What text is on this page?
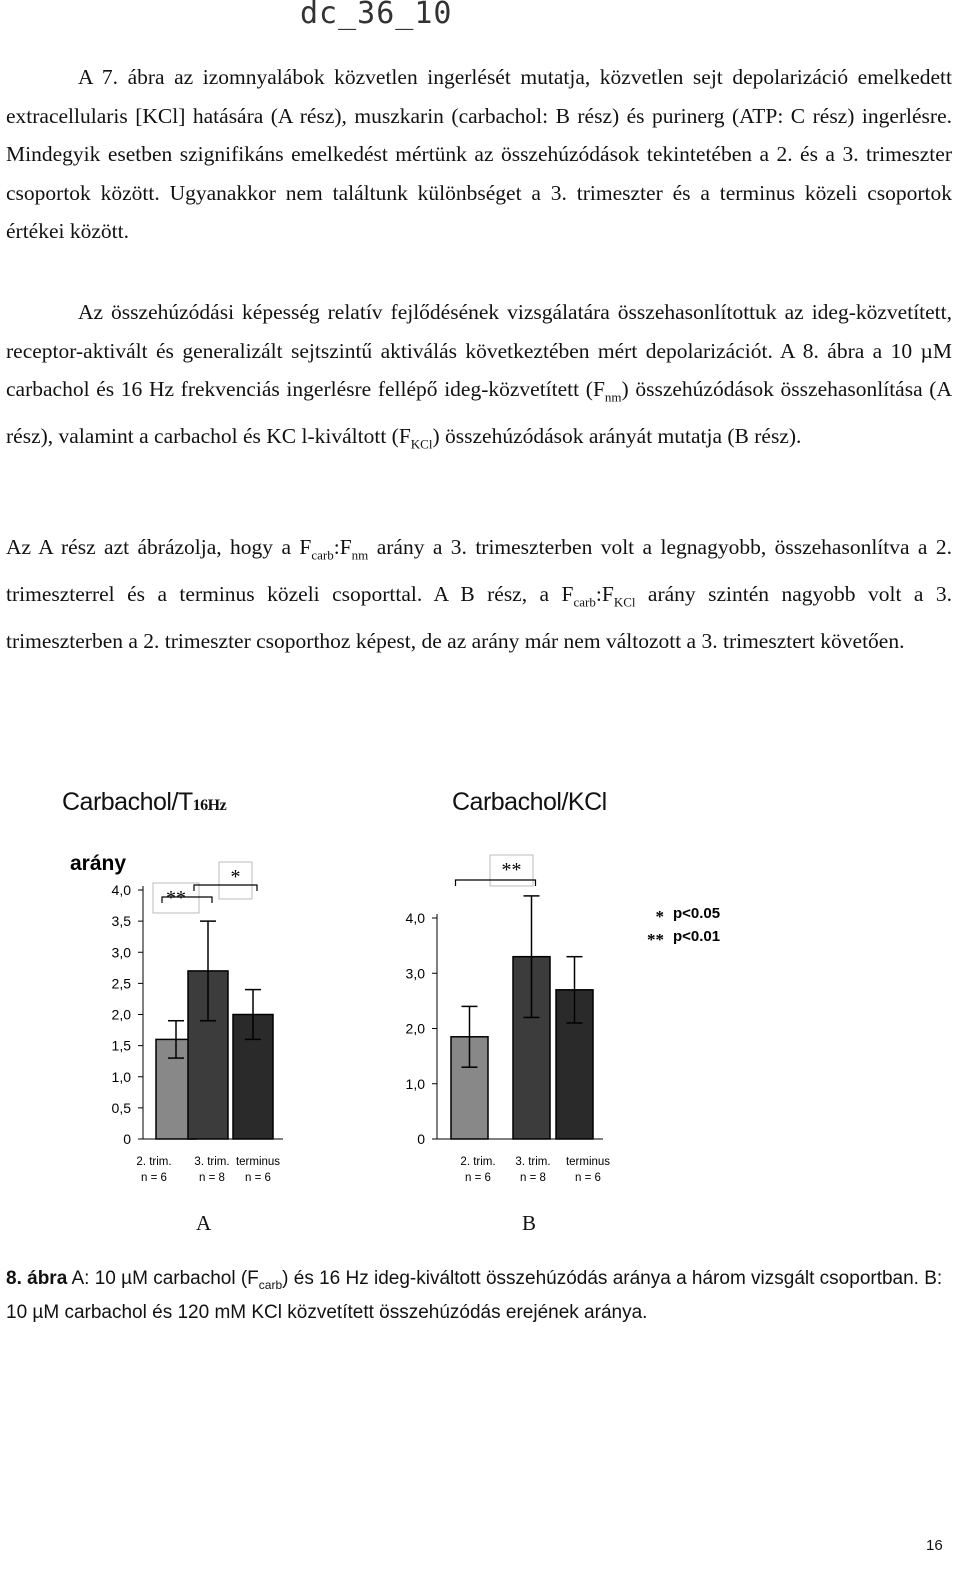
dc_36_10

A 7. ábra az izomnyalábok közvetlen ingerlését mutatja, közvetlen sejt depolarizáció emelkedett extracellularis [KCl] hatására (A rész), muszkarin (carbachol: B rész) és purinerg (ATP: C rész) ingerlésre. Mindegyik esetben szignifikáns emelkedést mértünk az összehúzódások tekintetében a 2. és a 3. trimeszter csoportok között. Ugyanakkor nem találtunk különbséget a 3. trimeszter és a terminus közeli csoportok értékei között.

Az összehúzódási képesség relatív fejlődésének vizsgálatára összehasonlítottuk az ideg-közvetített, receptor-aktivált és generalizált sejtszintű aktiválás következtében mért depolarizációt. A 8. ábra a 10 µM carbachol és 16 Hz frekvenciás ingerlésre fellépő ideg-közvetített $(F_{nm})$ összehúzódások összehasonlítása (A rész), valamint a carbachol és KC l-kiváltott $(F_{KCl})$ összehúzódások arányát mutatja (B rész).

Az A rész azt ábrázolja, hogy a $F_{carb}:F_{nm}$ arány a 3. trimeszterben volt a legnagyobb, összehasonlítva a 2. trimeszterrel és a terminus közeli csoporttal. A B rész, a $F_{carb}:F_{KCl}$ arány szintén nagyobb volt a 3. trimeszterben a 2. trimeszter csoporthoz képest, de az arány már nem változott a 3. trimesztert követően.

Carbachol/T16Hz	Carbachol/KCl
arány
0
0,5
1,0
1,5
2,0
2,5
3,0
3,5
4,0
2. trim.
n = 6
3. trim.
n = 8
terminus
n = 6
**
*
0
1,0
2,0
3,0
4,0
2. trim.
n = 6
3. trim.
n = 8
terminus
n = 6
**
* p<0.05
** p<0.01
A	B

8. ábra A: 10 µM carbachol $(F_{carb})$ és 16 Hz ideg-kiváltott összehúzódás aránya a három vizsgált csoportban. B: 10 µM carbachol és 120 mM KCl közvetített összehúzódás erejének aránya.

16
